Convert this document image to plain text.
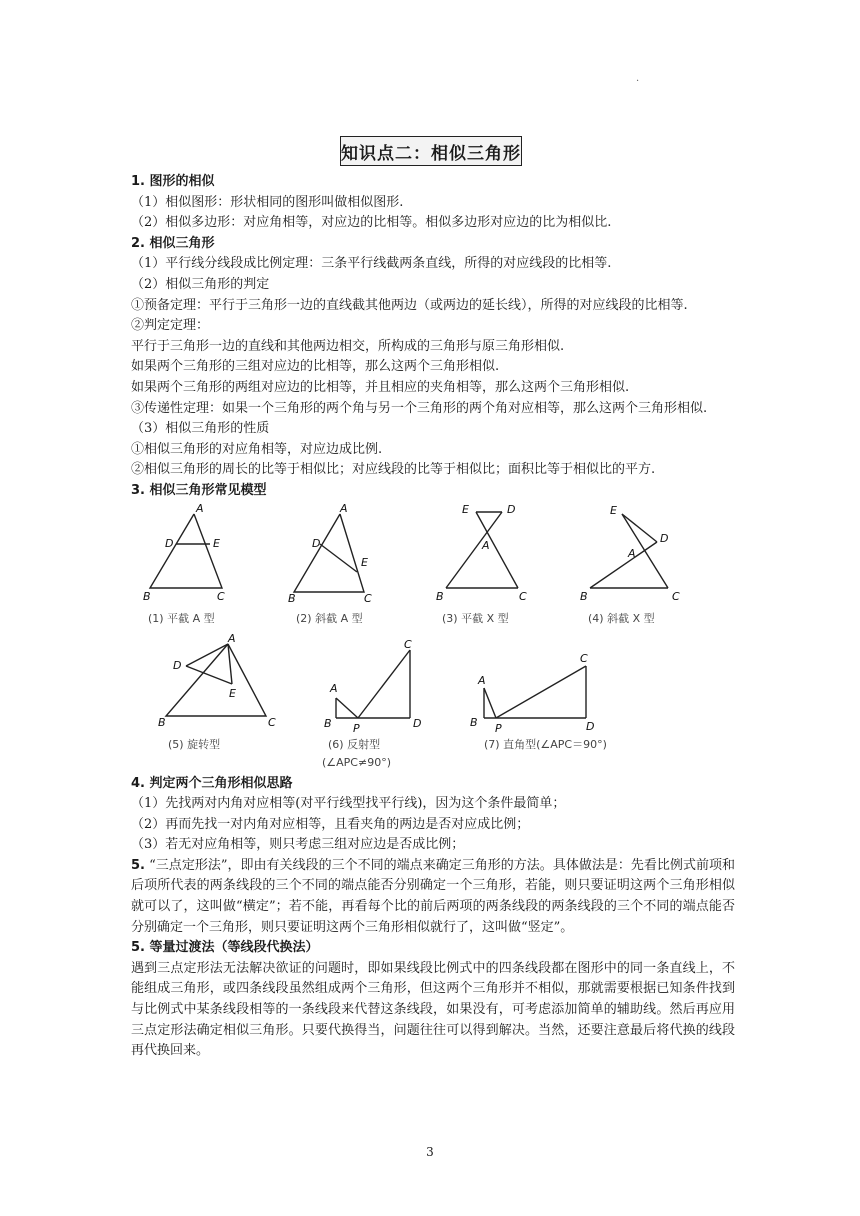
·
知识点二：相似三角形

1. 图形的相似

（1）相似图形：形状相同的图形叫做相似图形.

（2）相似多边形：对应角相等，对应边的比相等。相似多边形对应边的比为相似比.

2. 相似三角形

（1）平行线分线段成比例定理：三条平行线截两条直线，所得的对应线段的比相等.

（2）相似三角形的判定

①预备定理：平行于三角形一边的直线截其他两边（或两边的延长线），所得的对应线段的比相等.

②判定定理：

平行于三角形一边的直线和其他两边相交，所构成的三角形与原三角形相似.

如果两个三角形的三组对应边的比相等，那么这两个三角形相似.

如果两个三角形的两组对应边的比相等，并且相应的夹角相等，那么这两个三角形相似.

③传递性定理：如果一个三角形的两个角与另一个三角形的两个角对应相等，那么这两个三角形相似.

（3）相似三角形的性质

①相似三角形的对应角相等，对应边成比例.

②相似三角形的周长的比等于相似比；对应线段的比等于相似比；面积比等于相似比的平方.

3. 相似三角形常见模型

A
D	E
B	C
(1) 平截 A 型
A
D
E
B	C
(2) 斜截 A 型
E	D
A
B	C
(3) 平截 X 型
E
D
A
B	C
(4) 斜截 X 型
A
D
E
B	C
(5) 旋转型
A
C
B P	D
(6) 反射型
(∠APC≠90°)
A
C
B P	D
(7) 直角型(∠APC＝90°)

4. 判定两个三角形相似思路

（1）先找两对内角对应相等(对平行线型找平行线)，因为这个条件最简单；

（2）再而先找一对内角对应相等，且看夹角的两边是否对应成比例；

（3）若无对应角相等，则只考虑三组对应边是否成比例；

5. “三点定形法”，即由有关线段的三个不同的端点来确定三角形的方法。具体做法是：先看比例式前项和后项所代表的两条线段的三个不同的端点能否分别确定一个三角形，若能，则只要证明这两个三角形相似就可以了，这叫做“横定”；若不能，再看每个比的前后两项的两条线段的两条线段的三个不同的端点能否分别确定一个三角形，则只要证明这两个三角形相似就行了，这叫做“竖定”。

5. 等量过渡法（等线段代换法）

遇到三点定形法无法解决欲证的问题时，即如果线段比例式中的四条线段都在图形中的同一条直线上，不能组成三角形，或四条线段虽然组成两个三角形，但这两个三角形并不相似，那就需要根据已知条件找到与比例式中某条线段相等的一条线段来代替这条线段，如果没有，可考虑添加简单的辅助线。然后再应用三点定形法确定相似三角形。只要代换得当，问题往往可以得到解决。当然，还要注意最后将代换的线段再代换回来。

3
